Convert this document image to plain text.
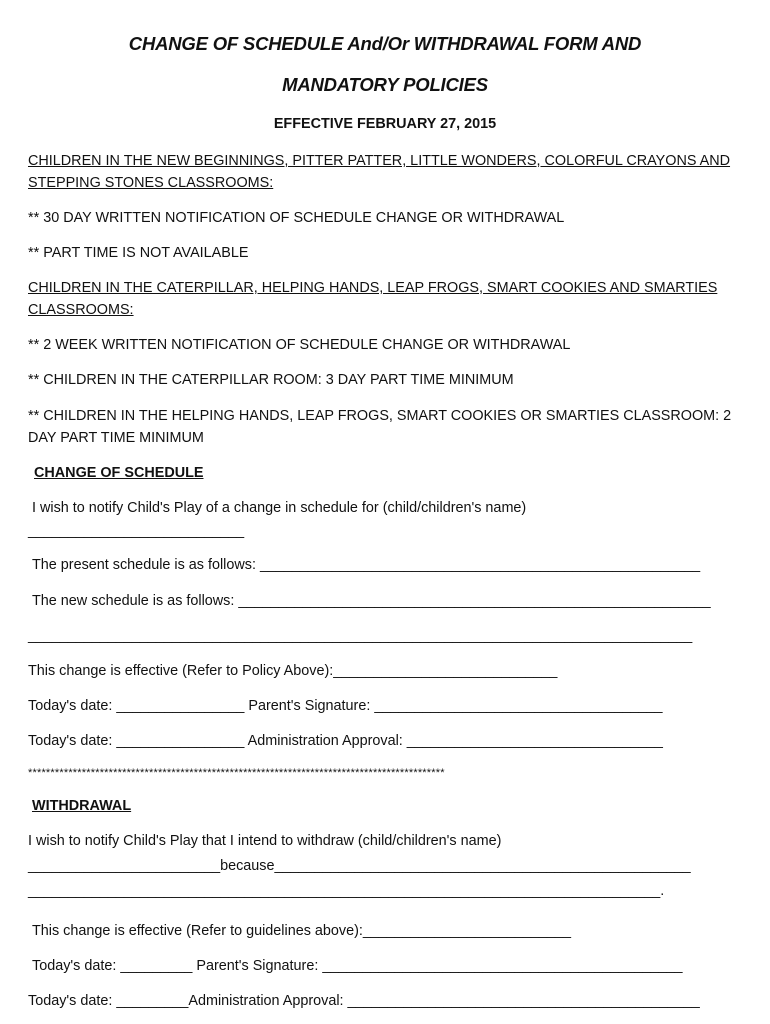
CHANGE OF SCHEDULE And/Or WITHDRAWAL FORM AND
MANDATORY POLICIES
EFFECTIVE FEBRUARY 27, 2015
CHILDREN IN THE NEW BEGINNINGS, PITTER PATTER, LITTLE WONDERS, COLORFUL CRAYONS AND
STEPPING STONES CLASSROOMS:
** 30 DAY WRITTEN NOTIFICATION OF SCHEDULE CHANGE OR WITHDRAWAL
** PART TIME IS NOT AVAILABLE
CHILDREN IN THE CATERPILLAR, HELPING HANDS, LEAP FROGS, SMART COOKIES AND SMARTIES
CLASSROOMS:
** 2 WEEK WRITTEN NOTIFICATION OF SCHEDULE CHANGE OR WITHDRAWAL
** CHILDREN IN THE CATERPILLAR ROOM: 3 DAY PART TIME MINIMUM
** CHILDREN IN THE HELPING HANDS, LEAP FROGS, SMART COOKIES OR SMARTIES CLASSROOM: 2
DAY PART TIME MINIMUM
CHANGE OF SCHEDULE
I wish to notify Child's Play of a change in schedule for (child/children's name)
___________________________
The present schedule is as follows: _______________________________________________________
The new schedule is as follows: ___________________________________________________________
___________________________________________________________________________________
This change is effective (Refer to Policy Above):____________________________
Today's date: ________________ Parent's Signature: ____________________________________
Today's date: ________________ Administration Approval: ________________________________
*********************************************************************************************
WITHDRAWAL
I wish to notify Child's Play that I intend to withdraw (child/children's name)
________________________because____________________________________________________
_______________________________________________________________________________.
This change is effective (Refer to guidelines above):__________________________
Today's date: _________ Parent's Signature: _____________________________________________
Today's date: _________Administration Approval: ____________________________________________
